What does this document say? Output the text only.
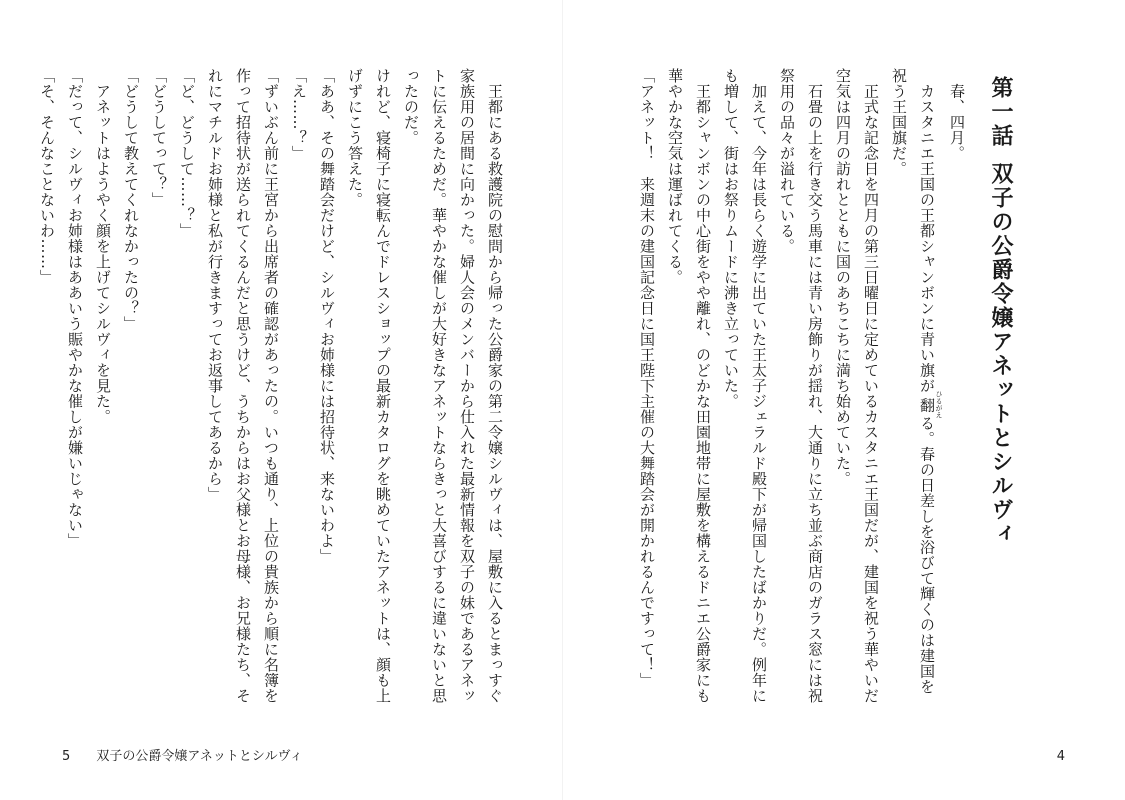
　王都にある救護院の慰問から帰った公爵家の第二令嬢シルヴィは、屋敷に入るとまっすぐ家族用の居間に向かった。婦人会のメンバーから仕入れた最新情報を双子の妹であるアネットに伝えるためだ。華やかな催しが大好きなアネットならきっと大喜びするに違いないと思ったのだ。

けれど、寝椅子に寝転んでドレスショップの最新カタログを眺めていたアネットは、顔も上げずにこう答えた。

「ああ、その舞踏会だけど、シルヴィお姉様には招待状、来ないわよ」

「え……？」

「ずいぶん前に王宮から出席者の確認があったの。いつも通り、上位の貴族から順に名簿を作って招待状が送られてくるんだと思うけど、うちからはお父様とお母様、お兄様たち、それにマチルドお姉様と私が行きますってお返事してあるから」

「ど、どうして……？」

「どうしてって？」

「どうして教えてくれなかったの？」

　アネットはようやく顔を上げてシルヴィを見た。

「だって、シルヴィお姉様はああいう賑やかな催しが嫌いじゃない」

「そ、そんなことないわ……」

5 双子の公爵令嬢アネットとシルヴィ
第一話双子の公爵令嬢アネットとシルヴィ

　春、四月。

　カスタニエ王国の王都シャンボンに青い旗が翻 ひるがえる。春の日差しを浴びて輝くのは建国を祝う王国旗だ。

　正式な記念日を四月の第三日曜日に定めているカスタニエ王国だが、建国を祝う華やいだ空気は四月の訪れとともに国のあちこちに満ち始めていた。

　石畳の上を行き交う馬車には青い房飾りが揺れ、大通りに立ち並ぶ商店のガラス窓には祝祭用の品々が溢れている。

　加えて、今年は長らく遊学に出ていた王太子ジェラルド殿下が帰国したばかりだ。例年にも増して、街はお祭りムードに沸き立っていた。

　王都シャンボンの中心街をやや離れ、のどかな田園地帯に屋敷を構えるドニエ公爵家にも華やかな空気は運ばれてくる。

「アネット！　来週末の建国記念日に国王陛下主催の大舞踏会が開かれるんですって！」

4
